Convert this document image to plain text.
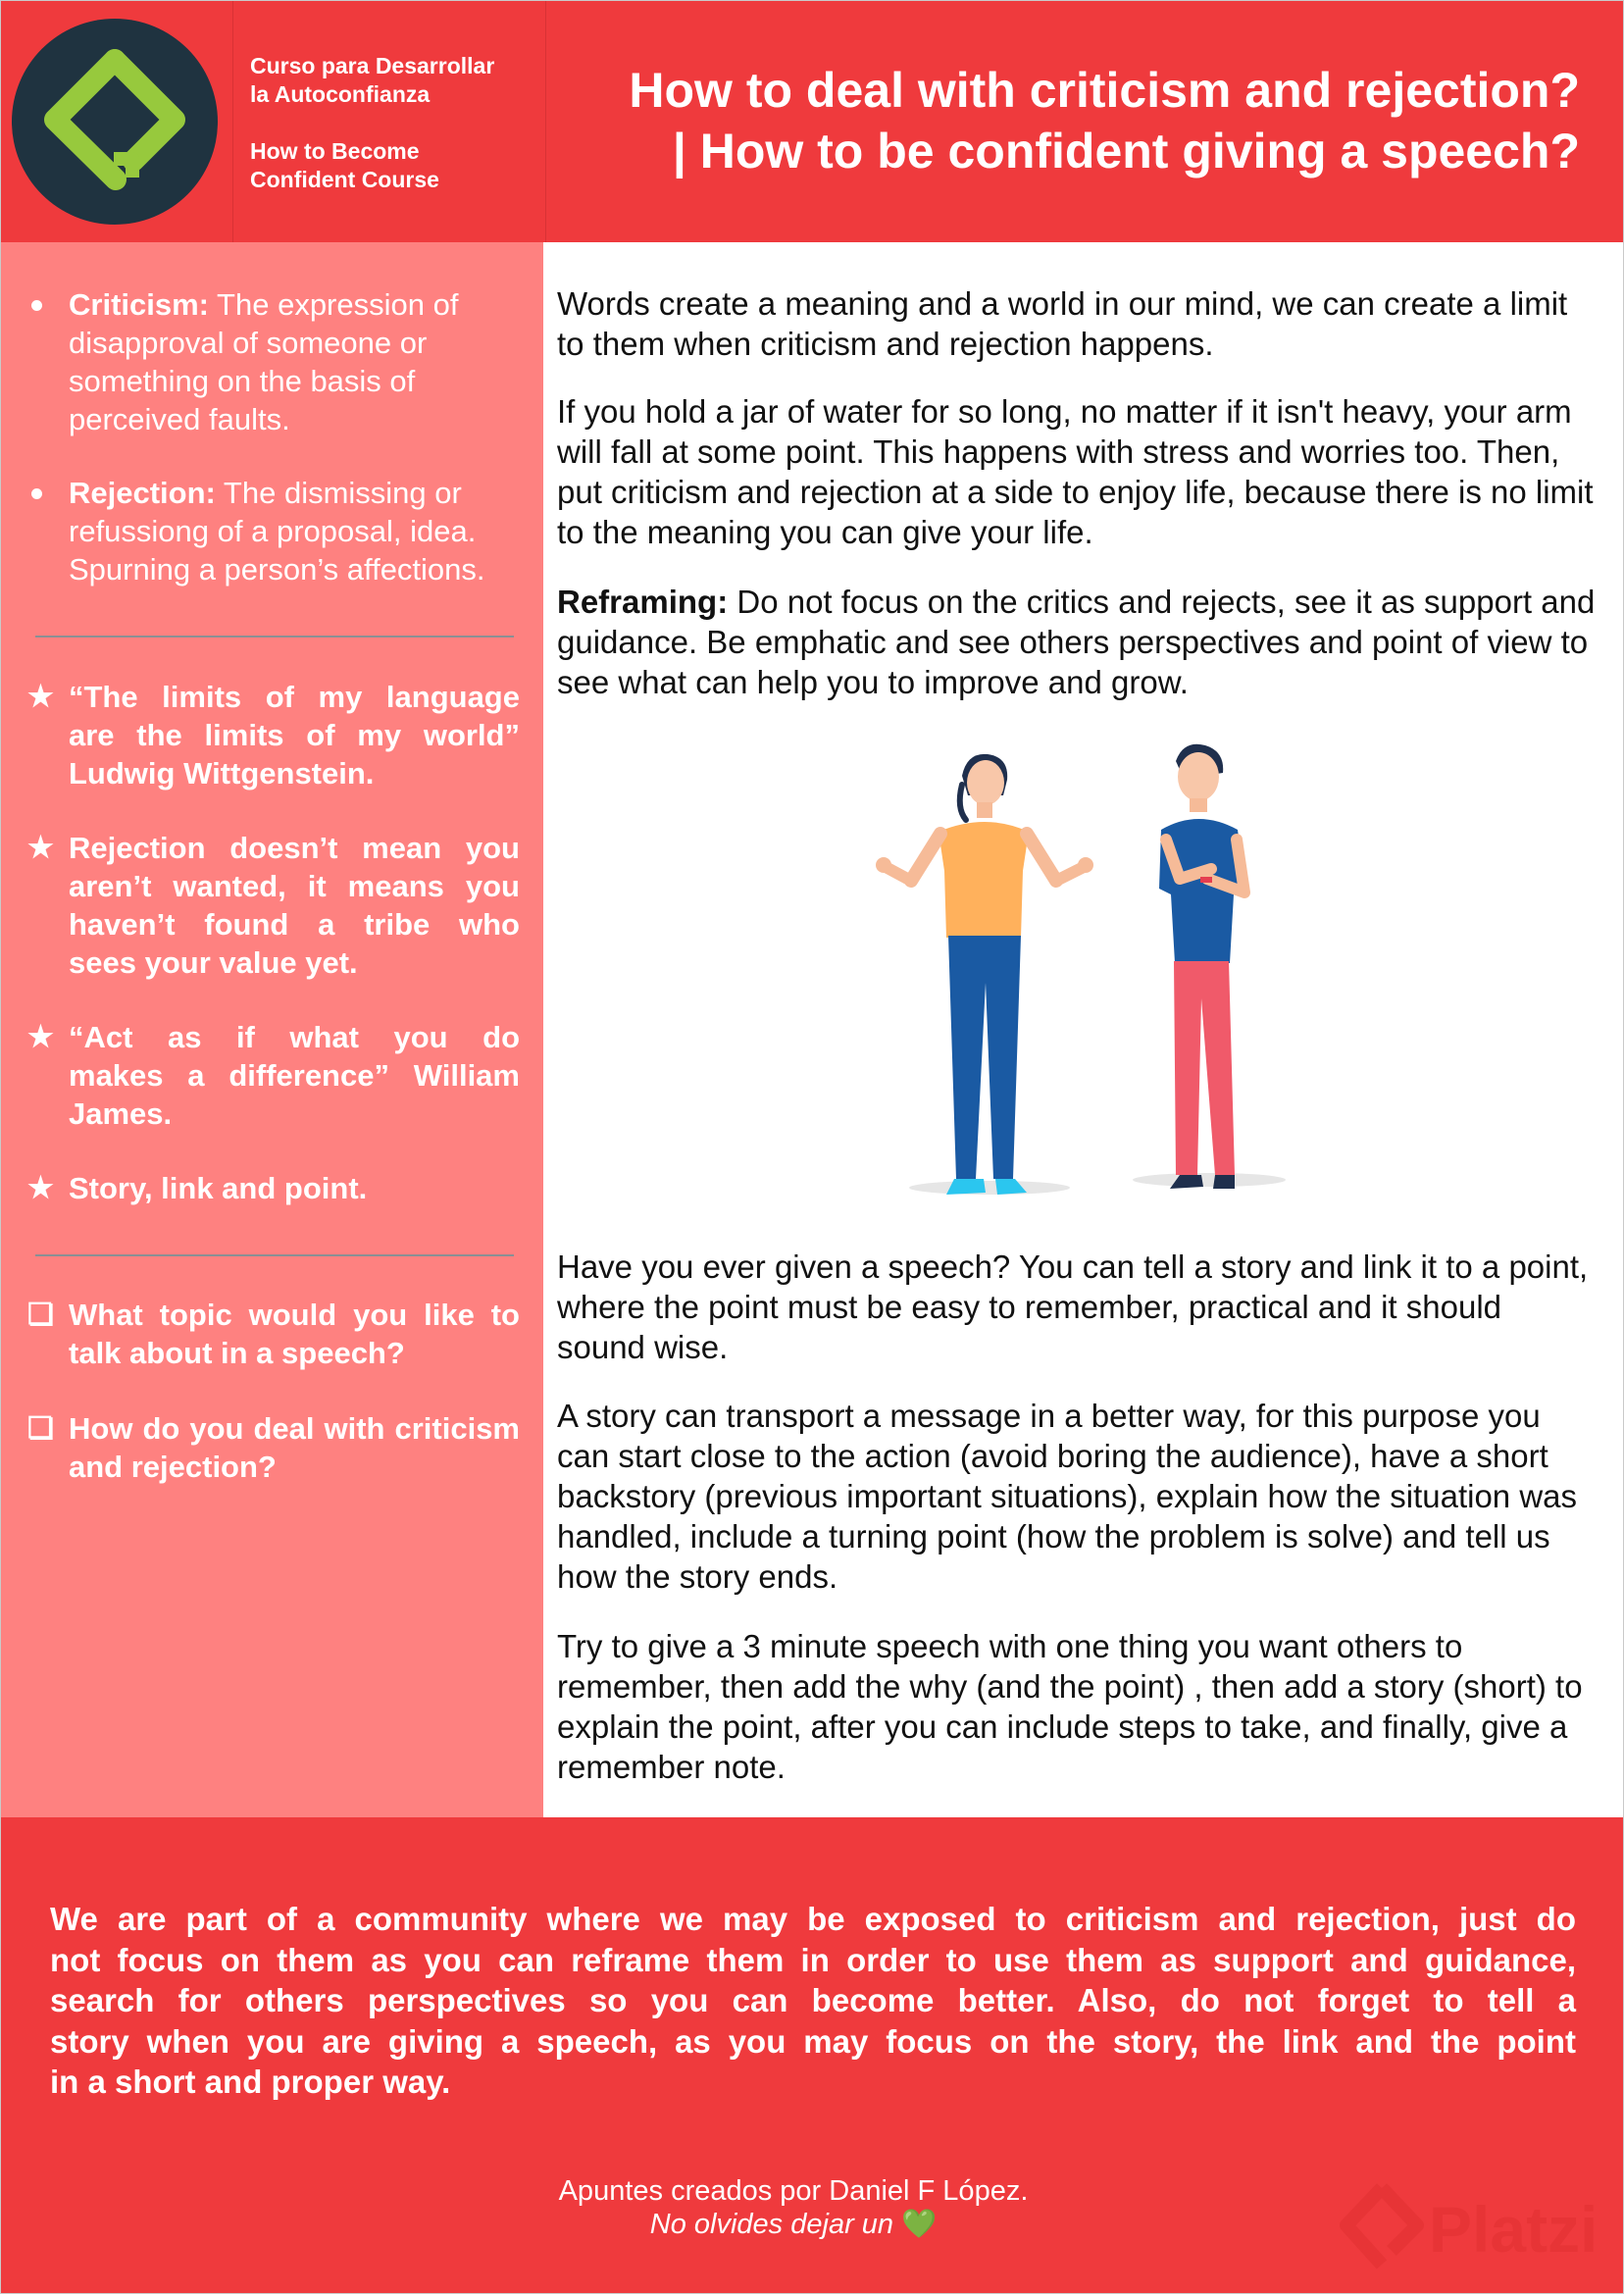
Curso para Desarrollar
la Autoconfianza
How to Become
Confident Course
How to deal with criticism and rejection?
| How to be confident giving a speech?
Criticism: The expression of disapproval of someone or something on the basis of perceived faults.
Rejection: The dismissing or refussiong of a proposal, idea. Spurning a person’s affections.
★ “The limits of my language
are the limits of my world”
Ludwig Wittgenstein.
★ Rejection doesn’t mean you
aren’t wanted, it means you
haven’t found a tribe who
sees your value yet.
★ “Act as if what you do
makes a difference” William
James.
★ Story, link and point.
❏ What topic would you like to talk about in a speech?
❏ How do you deal with criticism and rejection?
Words create a meaning and a world in our mind, we can create a limit to them when criticism and rejection happens.
If you hold a jar of water for so long, no matter if it isn't heavy, your arm will fall at some point. This happens with stress and worries too. Then, put criticism and rejection at a side to enjoy life, because there is no limit to the meaning you can give your life.
Reframing: Do not focus on the critics and rejects, see it as support and guidance. Be emphatic and see others perspectives and point of view to see what can help you to improve and grow.
Have you ever given a speech? You can tell a story and link it to a point, where the point must be easy to remember, practical and it should sound wise.
A story can transport a message in a better way, for this purpose you can start close to the action (avoid boring the audience), have a short backstory (previous important situations), explain how the situation was handled, include a turning point (how the problem is solve) and tell us how the story ends.
Try to give a 3 minute speech with one thing you want others to remember, then add the why (and the point) , then add a story (short) to explain the point, after you can include steps to take, and finally, give a remember note.
We are part of a community where we may be exposed to criticism and rejection, just do
not focus on them as you can reframe them in order to use them as support and guidance,
search for others perspectives so you can become better. Also, do not forget to tell a
story when you are giving a speech, as you may focus on the story, the link and the point
in a short and proper way.
Apuntes creados por Daniel F López.
No olvides dejar un 💚	Platzi
